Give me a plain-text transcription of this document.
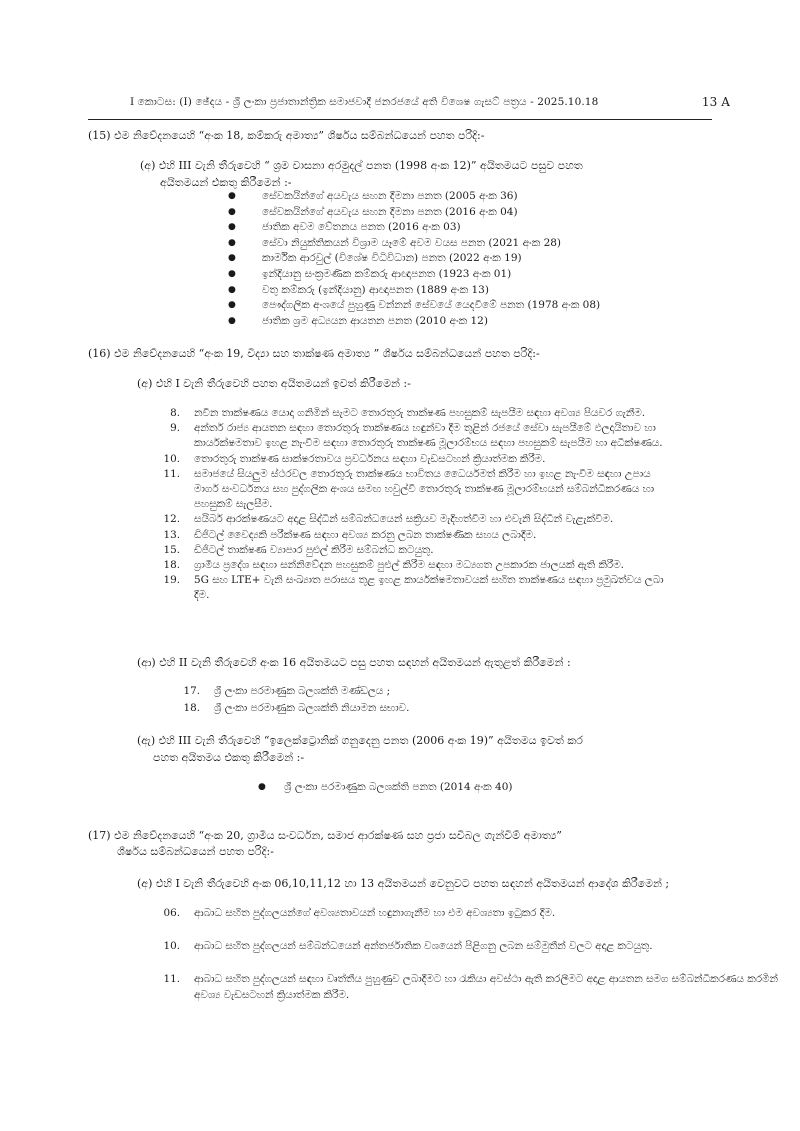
I කොටස: (I) ඡේදය - ශ්‍රී ලංකා ප්‍රජාතාන්ත්‍රික සමාජවාදී ජනරජයේ අති විශෙෂ ගැසට් පත්‍රය - 2025.10.18	13 A
(15) එම නිවේදනයෙහි “අංක 18, කම්කරු අමාත්‍ය” ශීර්ෂය සම්බන්ධයෙන් පහත පරිදි:-
(අ) එහි III වැනි තීරුවෙහි “ ශ්‍රම වාසනා අරමුදල් පනත (1998 අංක 12)” අයිතමයට පසුව පහත
අයිතමයන් එකතු කිරීමෙන් :-
● සේවකයින්ගේ අයවැය සහන දීමනා පනත (2005 අංක 36)
● සේවකයින්ගේ අයවැය සහන දීමනා පනත (2016 අංක 04)
● ජාතික අවම වේතනය පනත (2016 අංක 03)
● සේවා නියුක්තිකයන් විශ්‍රාම යෑමේ අවම වයස පනත (2021 අංක 28)
● කාර්මික ආරවුල් (විශේෂ විධිවිධාන) පනත (2022 අංක 19)
● ඉන්දියානු සංක්‍රමණික කම්කරු ආඥාපනත (1923 අංක 01)
● වතු කම්කරු (ඉන්දියානු) ආඥාපනත (1889 අංක 13)
● පෞද්ගලික අංශයේ පුහුණු වන්නන් සේවයේ යෙදවීමේ පනත (1978 අංක 08)
● ජාතික ශ්‍රම අධ්‍යයන ආයතන පනත (2010 අංක 12)
(16) එම නිවේදනයෙහි “අංක 19, විද්‍යා සහ තාක්ෂණ අමාත්‍ය ” ශීර්ෂය සම්බන්ධයෙන් පහත පරිදි:-
(අ) එහි I වැනි තීරුවෙහි පහත අයිතමයන් ඉවත් කිරීමෙන් :-
8.	නවීන තාක්ෂණය යොදා ගනිමින් සැමට තොරතුරු තාක්ෂණ පහසුකම් සැපයීම සඳහා අවශ්‍ය පියවර ගැනීම.
9.	අන්තර් රාජ්‍ය ආයතන සඳහා තොරතුරු තාක්ෂණය හඳුන්වා දීම තුළින් රජයේ සේවා සැපයීමේ ඵලදායිතාව හා කාර්යක්ෂමතාව ඉහළ නැංවීම සඳහා තොරතුරු තාක්ෂණ මූලාරම්භය සඳහා පහසුකම් සැපයීම හා අධීක්ෂණය.
10.	තොරතුරු තාක්ෂණ සාක්ෂරතාවය ප්‍රවර්ධනය සඳහා වැඩසටහන් ක්‍රියාත්මක කිරීම.
11.	සමාජයේ සියලුම ස්ථරවල තොරතුරු තාක්ෂණය භාවිතය ධෛර්යමත් කිරීම හා ඉහළ නැංවීම සඳහා උපාය මාර්ග සංවර්ධනය සහ පුද්ගලික අංශය සමඟ හවුල්වී තොරතුරු තාක්ෂණ මූලාරම්භයන් සම්බන්ධීකරණය හා පහසුකම් සැලසීම.
12.	සයිබර් ආරක්ෂණයට අදාළ සිද්ධීන් සම්බන්ධයෙන් සක්‍රියව මැදිහත්වීම හා එවැනි සිද්ධීන් වැළැක්වීම.
13.	ඩිජිටල් වෛද්‍යකි පරීක්ෂණ සඳහා අවශ්‍ය කරනු ලබන තාක්ෂණික සහය ලබාදීම.
15.	ඩිජිටල් තාක්ෂණ ව්‍යාපාර පුළුල් කිරීම සම්බන්ධ කටයුතු.
18.	ග්‍රාමීය ප්‍රදේශ සඳහා සන්නිවේදන පහසුකම් පුළුල් කිරීම සඳහා මධ්‍යගත උපකාරක ජාලයක් ඇති කිරීම.
19.	5G සහ LTE+ වැනි සංඛ්‍යාත පරාසය තුළ ඉහළ කාර්යක්ෂමතාවයක් සහිත තාක්ෂණය සඳහා ප්‍රමුඛත්වය ලබා දීම.
(ආ) එහි II වැනි තීරුවෙහි අංක 16 අයිතමයට පසු පහත සඳහන් අයිතමයන් ඇතුළත් කිරීමෙන් :
17.	ශ්‍රී ලංකා පරමාණුක බලශක්ති මණ්ඩලය ;
18.	ශ්‍රී ලංකා පරමාණුක බලශක්ති නියාමන සභාව.
(ඇ) එහි III වැනි තීරුවෙහි “ඉලෙක්ට්‍රොනික් ගනුදෙනු පනත (2006 අංක 19)” අයිතමය ඉවත් කර
පහත අයිතමය එකතු කිරීමෙන් :-
● ශ්‍රී ලංකා පරමාණුක බලශක්ති පනත (2014 අංක 40)
(17) එම නිවේදනයෙහි “අංක 20, ග්‍රාමීය සංවර්ධන, සමාජ ආරක්ෂණ සහ ප්‍රජා සවිබල ගැන්වීම් අමාත්‍ය”
ශීර්ෂය සම්බන්ධයෙන් පහත පරිදි:-
(අ) එහි I වැනි තීරුවෙහි අංක 06,10,11,12 හා 13 අයිතමයන් වෙනුවට පහත සඳහන් අයිතමයන් ආදේශ කිරීමෙන් ;
06.	ආබාධ සහිත පුද්ගලයන්ගේ අවශ්‍යතාවයන් හඳුනාගැනීම හා එම අවශ්‍යතා ඉටුකර දීම.
10.	ආබාධ සහිත පුද්ගලයන් සම්බන්ධයෙන් අන්තර්ජාතික වශයෙන් පිළිගනු ලබන සම්මුතීන් වලට අදාළ කටයුතු.
11.	ආබාධ සහිත පුද්ගලයන් සඳහා වෘත්තීය පුහුණුව ලබාදීමට හා රැකියා අවස්ථා ඇති කරලීමට අදාළ ආයතන සමග සම්බන්ධීකරණය කරමින් අවශ්‍ය වැඩසටහන් ක්‍රියාත්මක කිරීම.
